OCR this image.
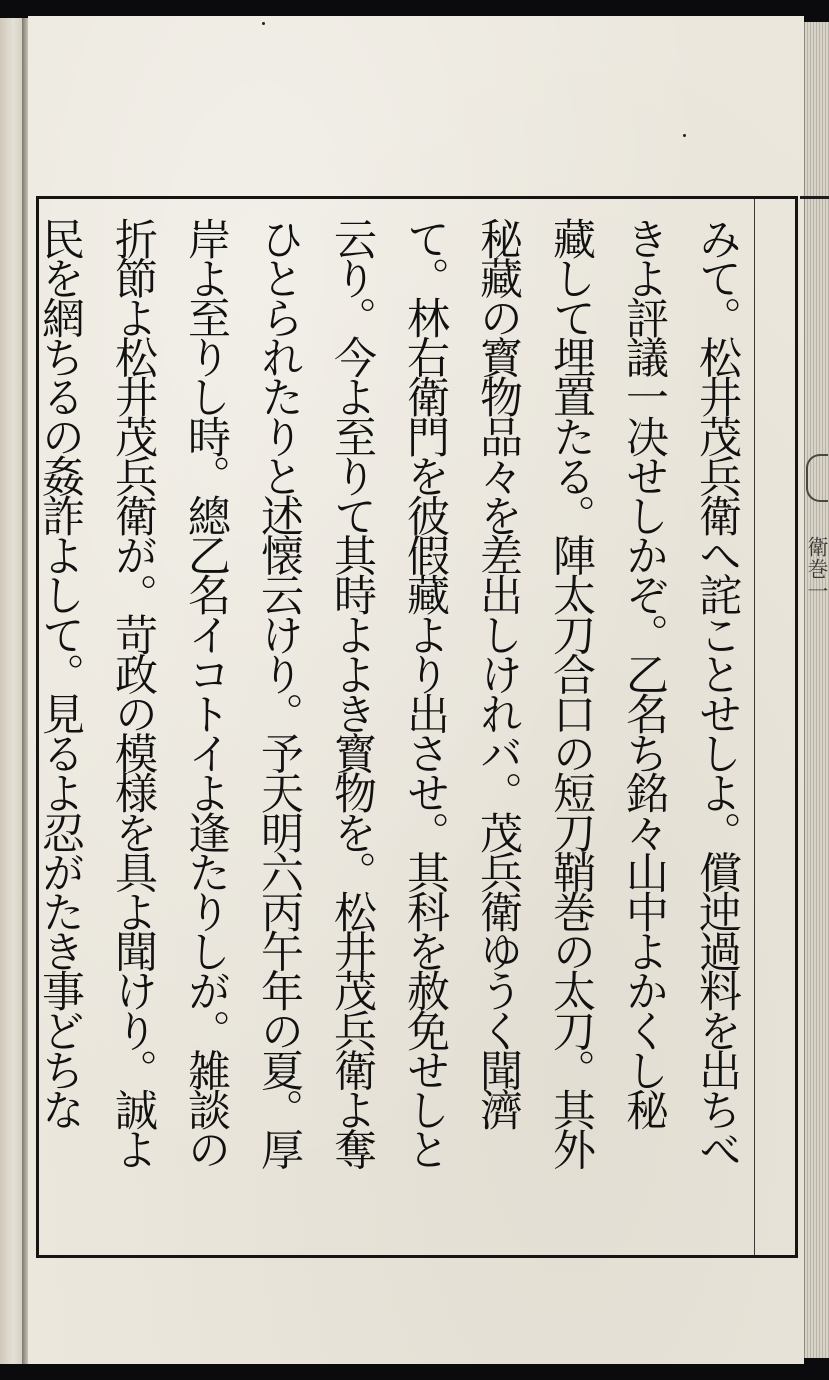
衛巻一
みて。松井茂兵衛へ詫ことせしよ。償迚過料を出ちべ
きよ評議一决せしかぞ。乙名ち銘々山中よかくし秘
藏して埋置たる。陣太刀合口の短刀鞘巻の太刀。其外
秘藏の寳物品々を差出しけれバ。茂兵衛ゆうく聞濟
て。林右衛門を彼假藏より出させ。其科を赦免せしと
云り。今よ至りて其時よよき寳物を。松井茂兵衛よ奪
ひとられたりと述懐云けり。予天明六丙午年の夏。厚
岸よ至りし時。總乙名イコトイよ逢たりしが。雑談の
折節よ松井茂兵衛が。苛政の模様を具よ聞けり。誠よ
民を網ちるの姦詐よして。見るよ忍がたき事どちな
